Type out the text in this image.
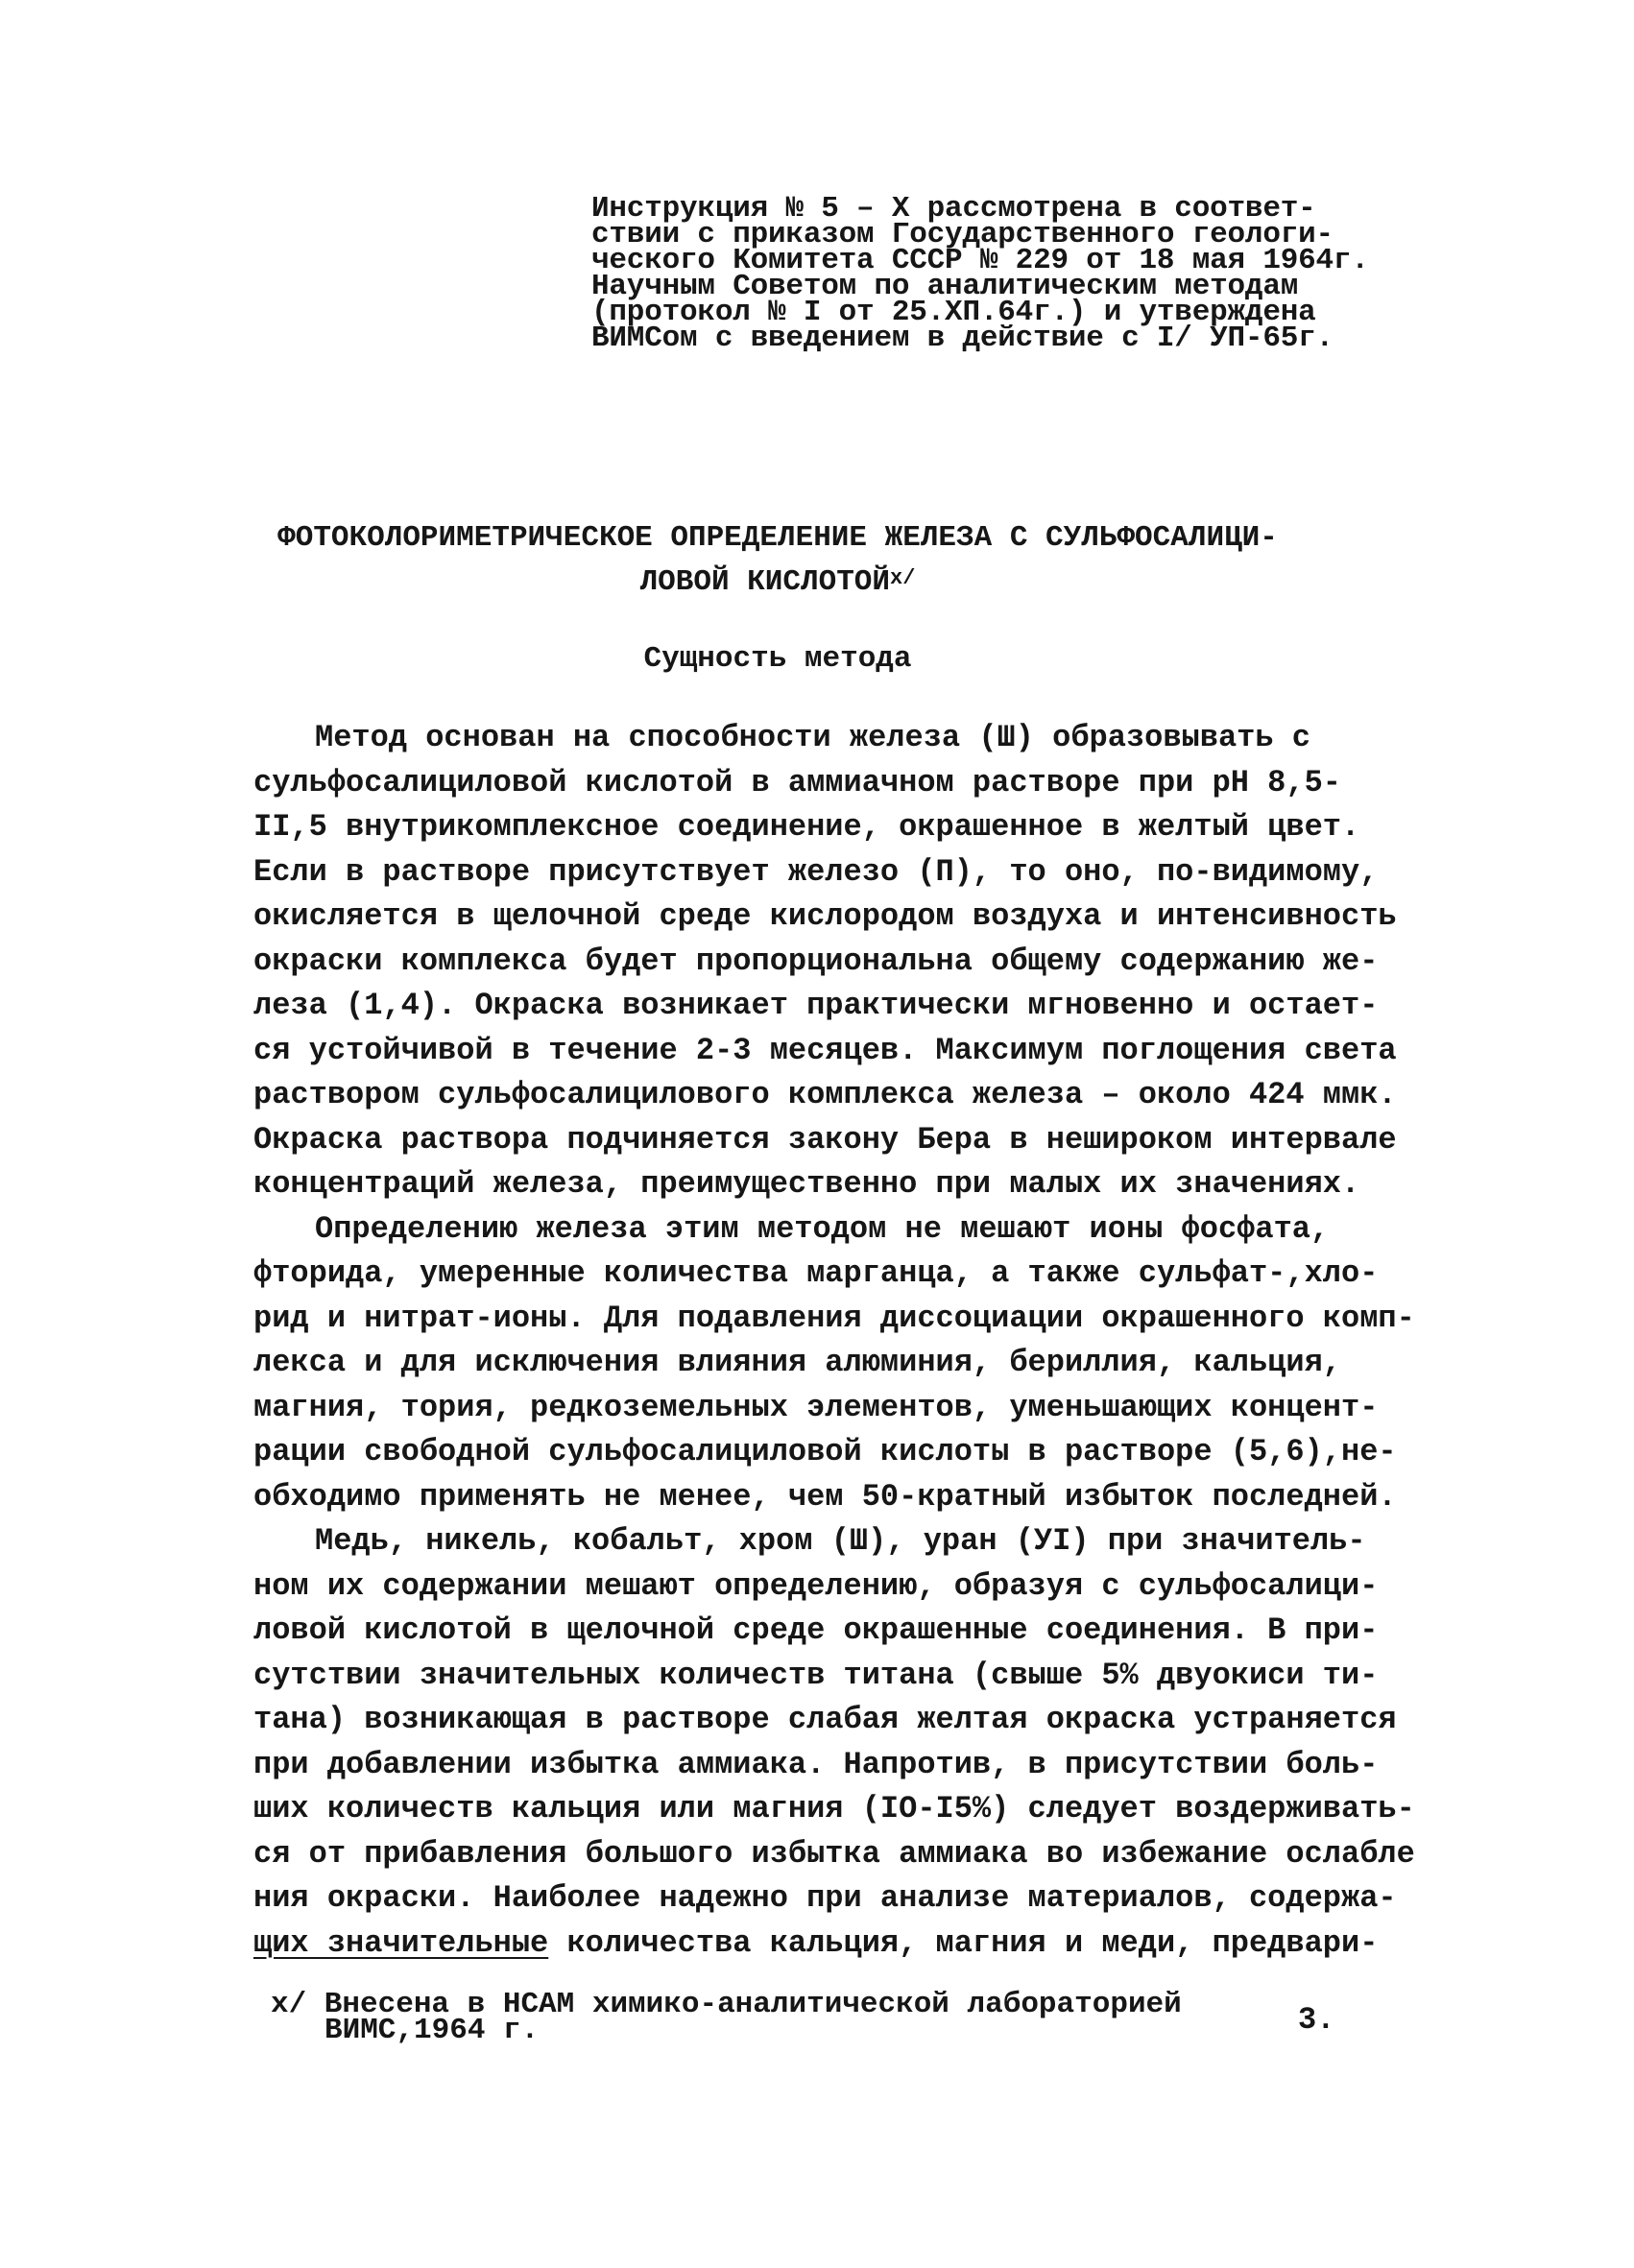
Инструкция № 5 – Х рассмотрена в соответ-
ствии с приказом Государственного геологи-
ческого Комитета СССР № 229 от 18 мая 1964г.
Научным Советом по аналитическим методам
(протокол № I от 25.ХП.64г.) и утверждена
ВИМСом с введением в действие с I/ УП-65г.
ФОТОКОЛОРИМЕТРИЧЕСКОЕ ОПРЕДЕЛЕНИЕ ЖЕЛЕЗА С СУЛЬФОСАЛИЦИ-
ЛОВОЙ $КИСЛОТОЙ^{x/}$
Сущность метода
Метод основан на способности железа (Ш) образовывать с
сульфосалициловой кислотой в аммиачном растворе при рН 8,5-
II,5 внутрикомплексное соединение, окрашенное в желтый цвет.
Если в растворе присутствует железо (П), то оно, по-видимому,
окисляется в щелочной среде кислородом воздуха и интенсивность
окраски комплекса будет пропорциональна общему содержанию же-
леза (1,4). Окраска возникает практически мгновенно и остает-
ся устойчивой в течение 2-3 месяцев. Максимум поглощения света
раствором сульфосалицилового комплекса железа – около 424 ммк.
Окраска раствора подчиняется закону Бера в нешироком интервале
концентраций железа, преимущественно при малых их значениях.
Определению железа этим методом не мешают ионы фосфата,
фторида, умеренные количества марганца, а также сульфат-,хло-
рид и нитрат-ионы. Для подавления диссоциации окрашенного комп-
лекса и для исключения влияния алюминия, бериллия, кальция,
магния, тория, редкоземельных элементов, уменьшающих концент-
рации свободной сульфосалициловой кислоты в растворе (5,6),не-
обходимо применять не менее, чем 50-кратный избыток последней.
Медь, никель, кобальт, хром (Ш), уран (УI) при значитель-
ном их содержании мешают определению, образуя с сульфосалици-
ловой кислотой в щелочной среде окрашенные соединения. В при-
сутствии значительных количеств титана (свыше 5% двуокиси ти-
тана) возникающая в растворе слабая желтая окраска устраняется
при добавлении избытка аммиака. Напротив, в присутствии боль-
ших количеств кальция или магния (IO-I5%) следует воздерживать-
ся от прибавления большого избытка аммиака во избежание ослабле
ния окраски. Наиболее надежно при анализе материалов, содержа-
щих значительные количества кальция, магния и меди, предвари-
x/ Внесена в НСАМ химико-аналитической лабораторией
ВИМС,1964 г.	3.
